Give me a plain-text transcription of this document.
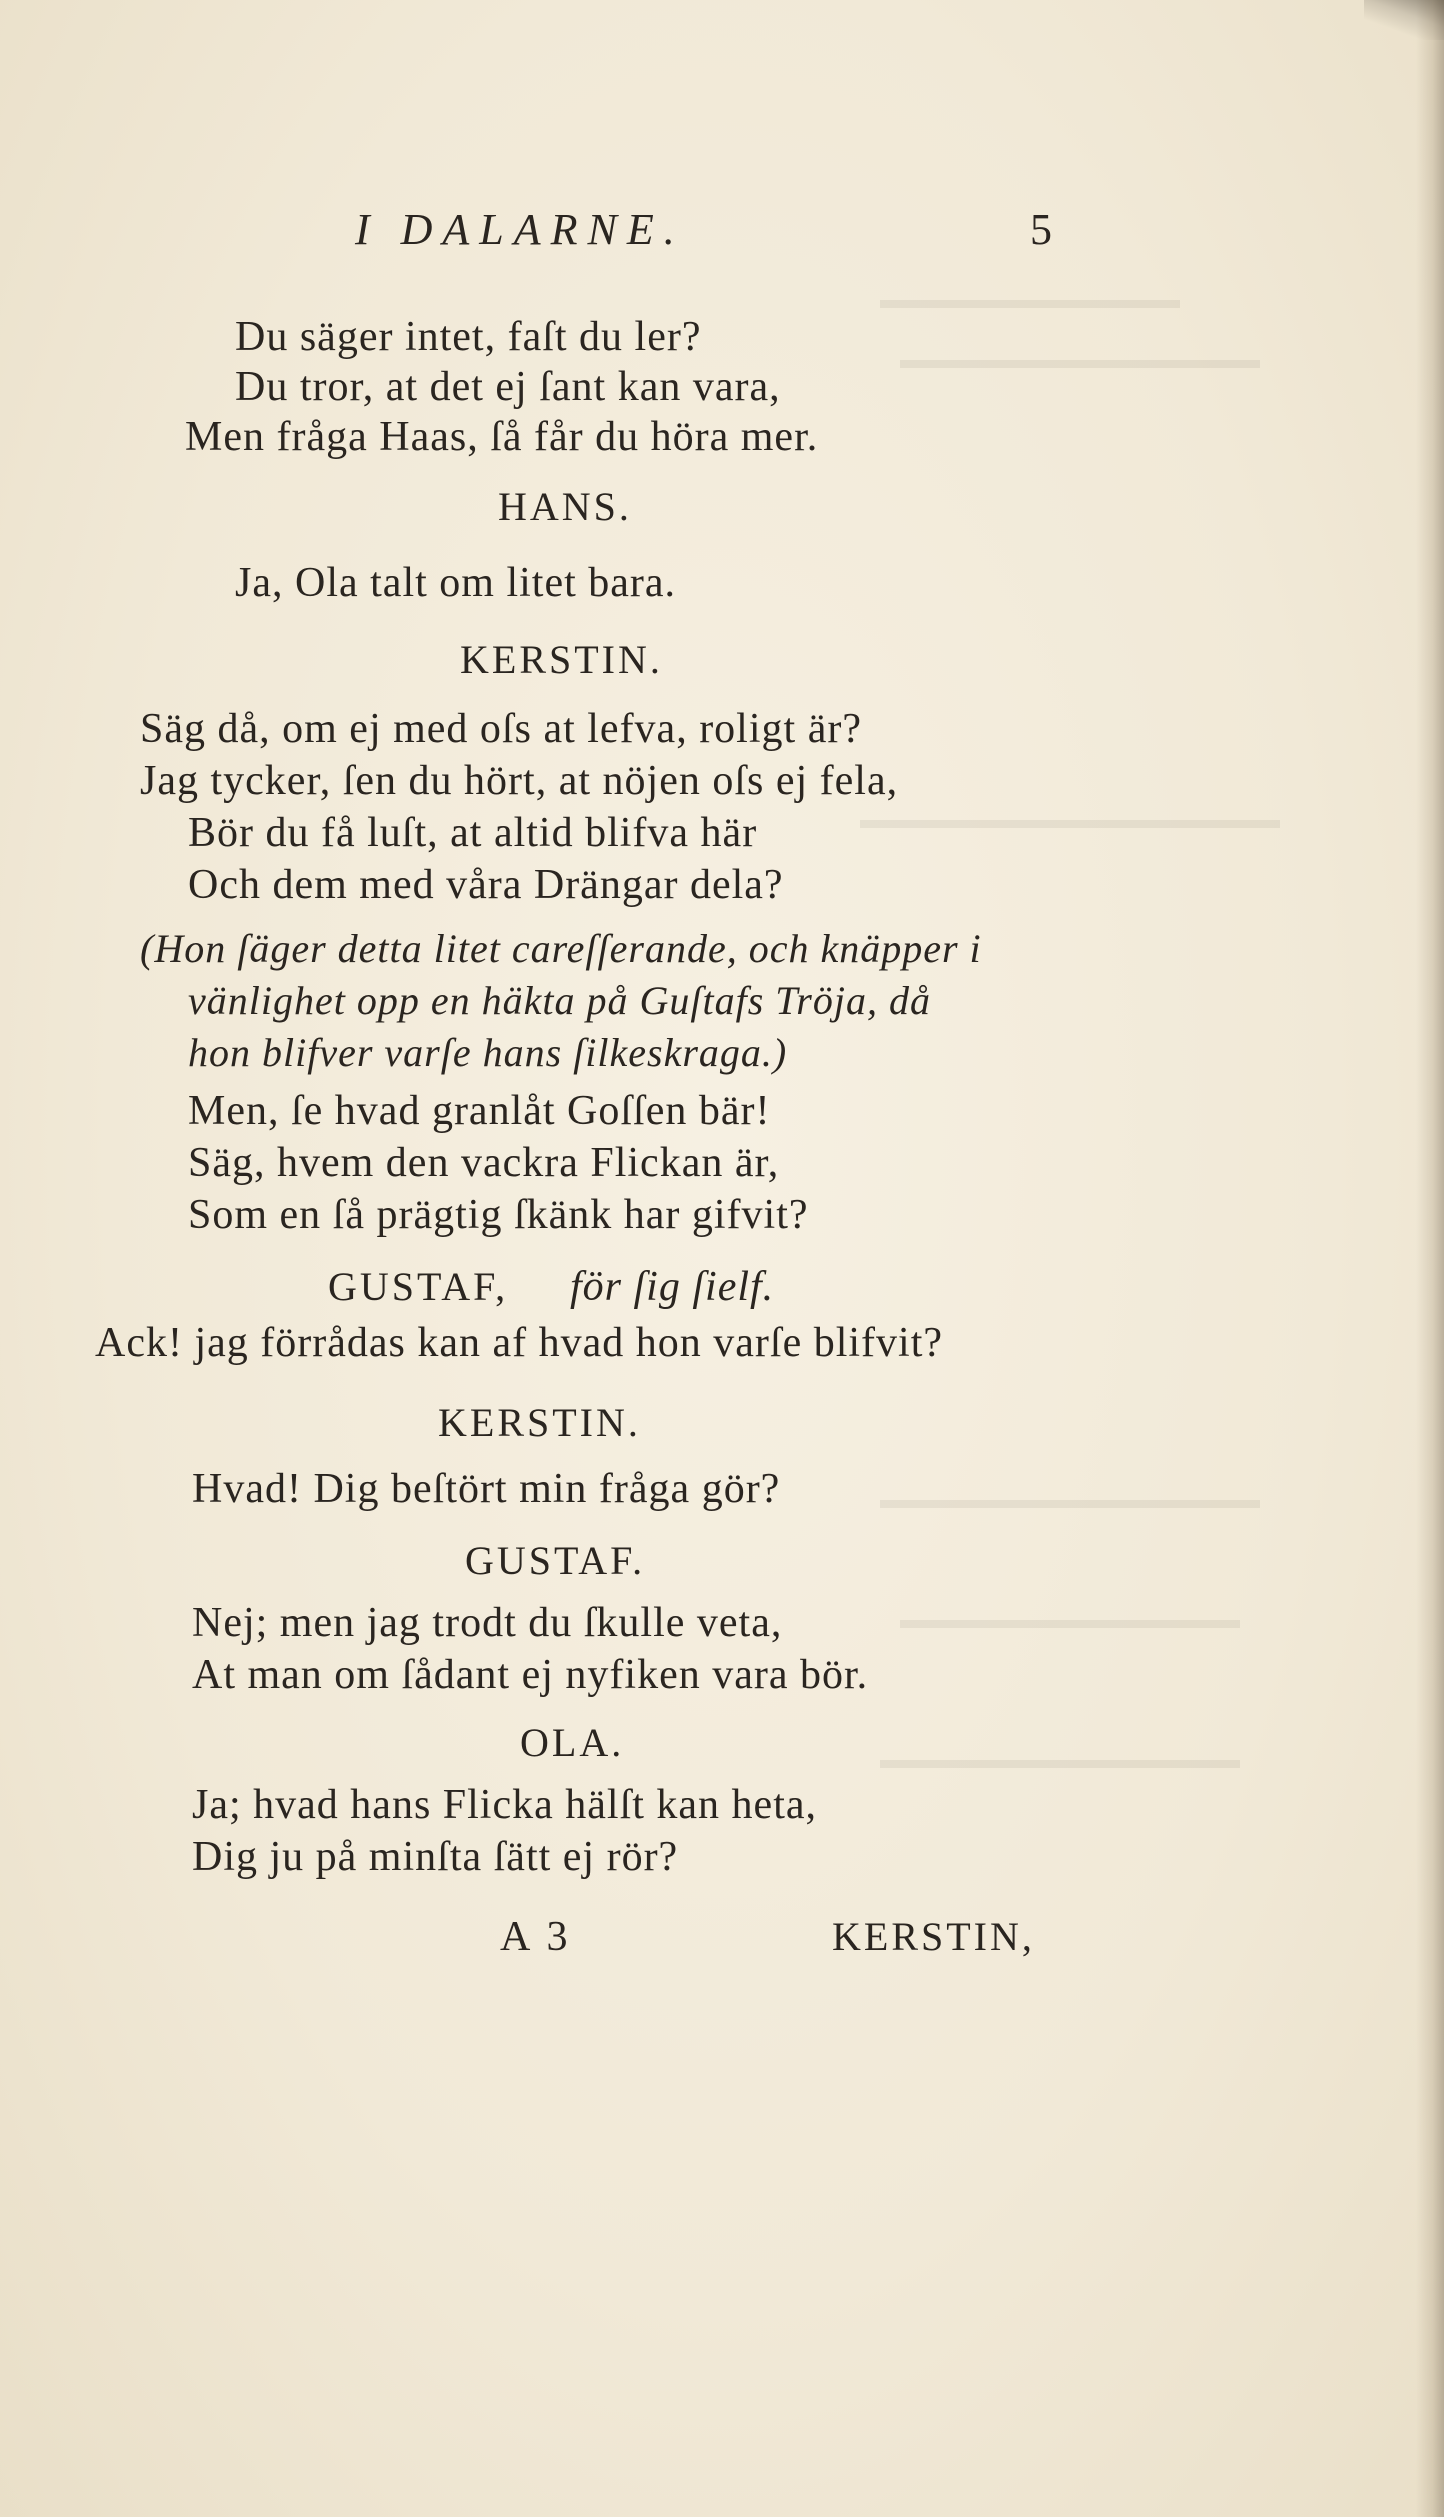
I DALARNE.	5
Du säger intet, faſt du ler?
Du tror, at det ej ſant kan vara,
Men fråga Haas, ſå får du höra mer.
HANS.
Ja, Ola talt om litet bara.
KERSTIN.
Säg då, om ej med oſs at lefva, roligt är?
Jag tycker, ſen du hört, at nöjen oſs ej fela,
Bör du få luſt, at altid blifva här
Och dem med våra Drängar dela?
(Hon ſäger detta litet careſſerande, och knäpper i
vänlighet opp en häkta på Guſtafs Tröja, då
hon blifver varſe hans ſilkeskraga.)
Men, ſe hvad granlåt Goſſen bär!
Säg, hvem den vackra Flickan är,
Som en ſå prägtig ſkänk har gifvit?
GUSTAF, för ſig ſielf.
Ack! jag förrådas kan af hvad hon varſe blifvit?
KERSTIN.
Hvad! Dig beſtört min fråga gör?
GUSTAF.
Nej; men jag trodt du ſkulle veta,
At man om ſådant ej nyfiken vara bör.
OLA.
Ja; hvad hans Flicka hälſt kan heta,
Dig ju på minſta ſätt ej rör?
A 3	KERSTIN,
